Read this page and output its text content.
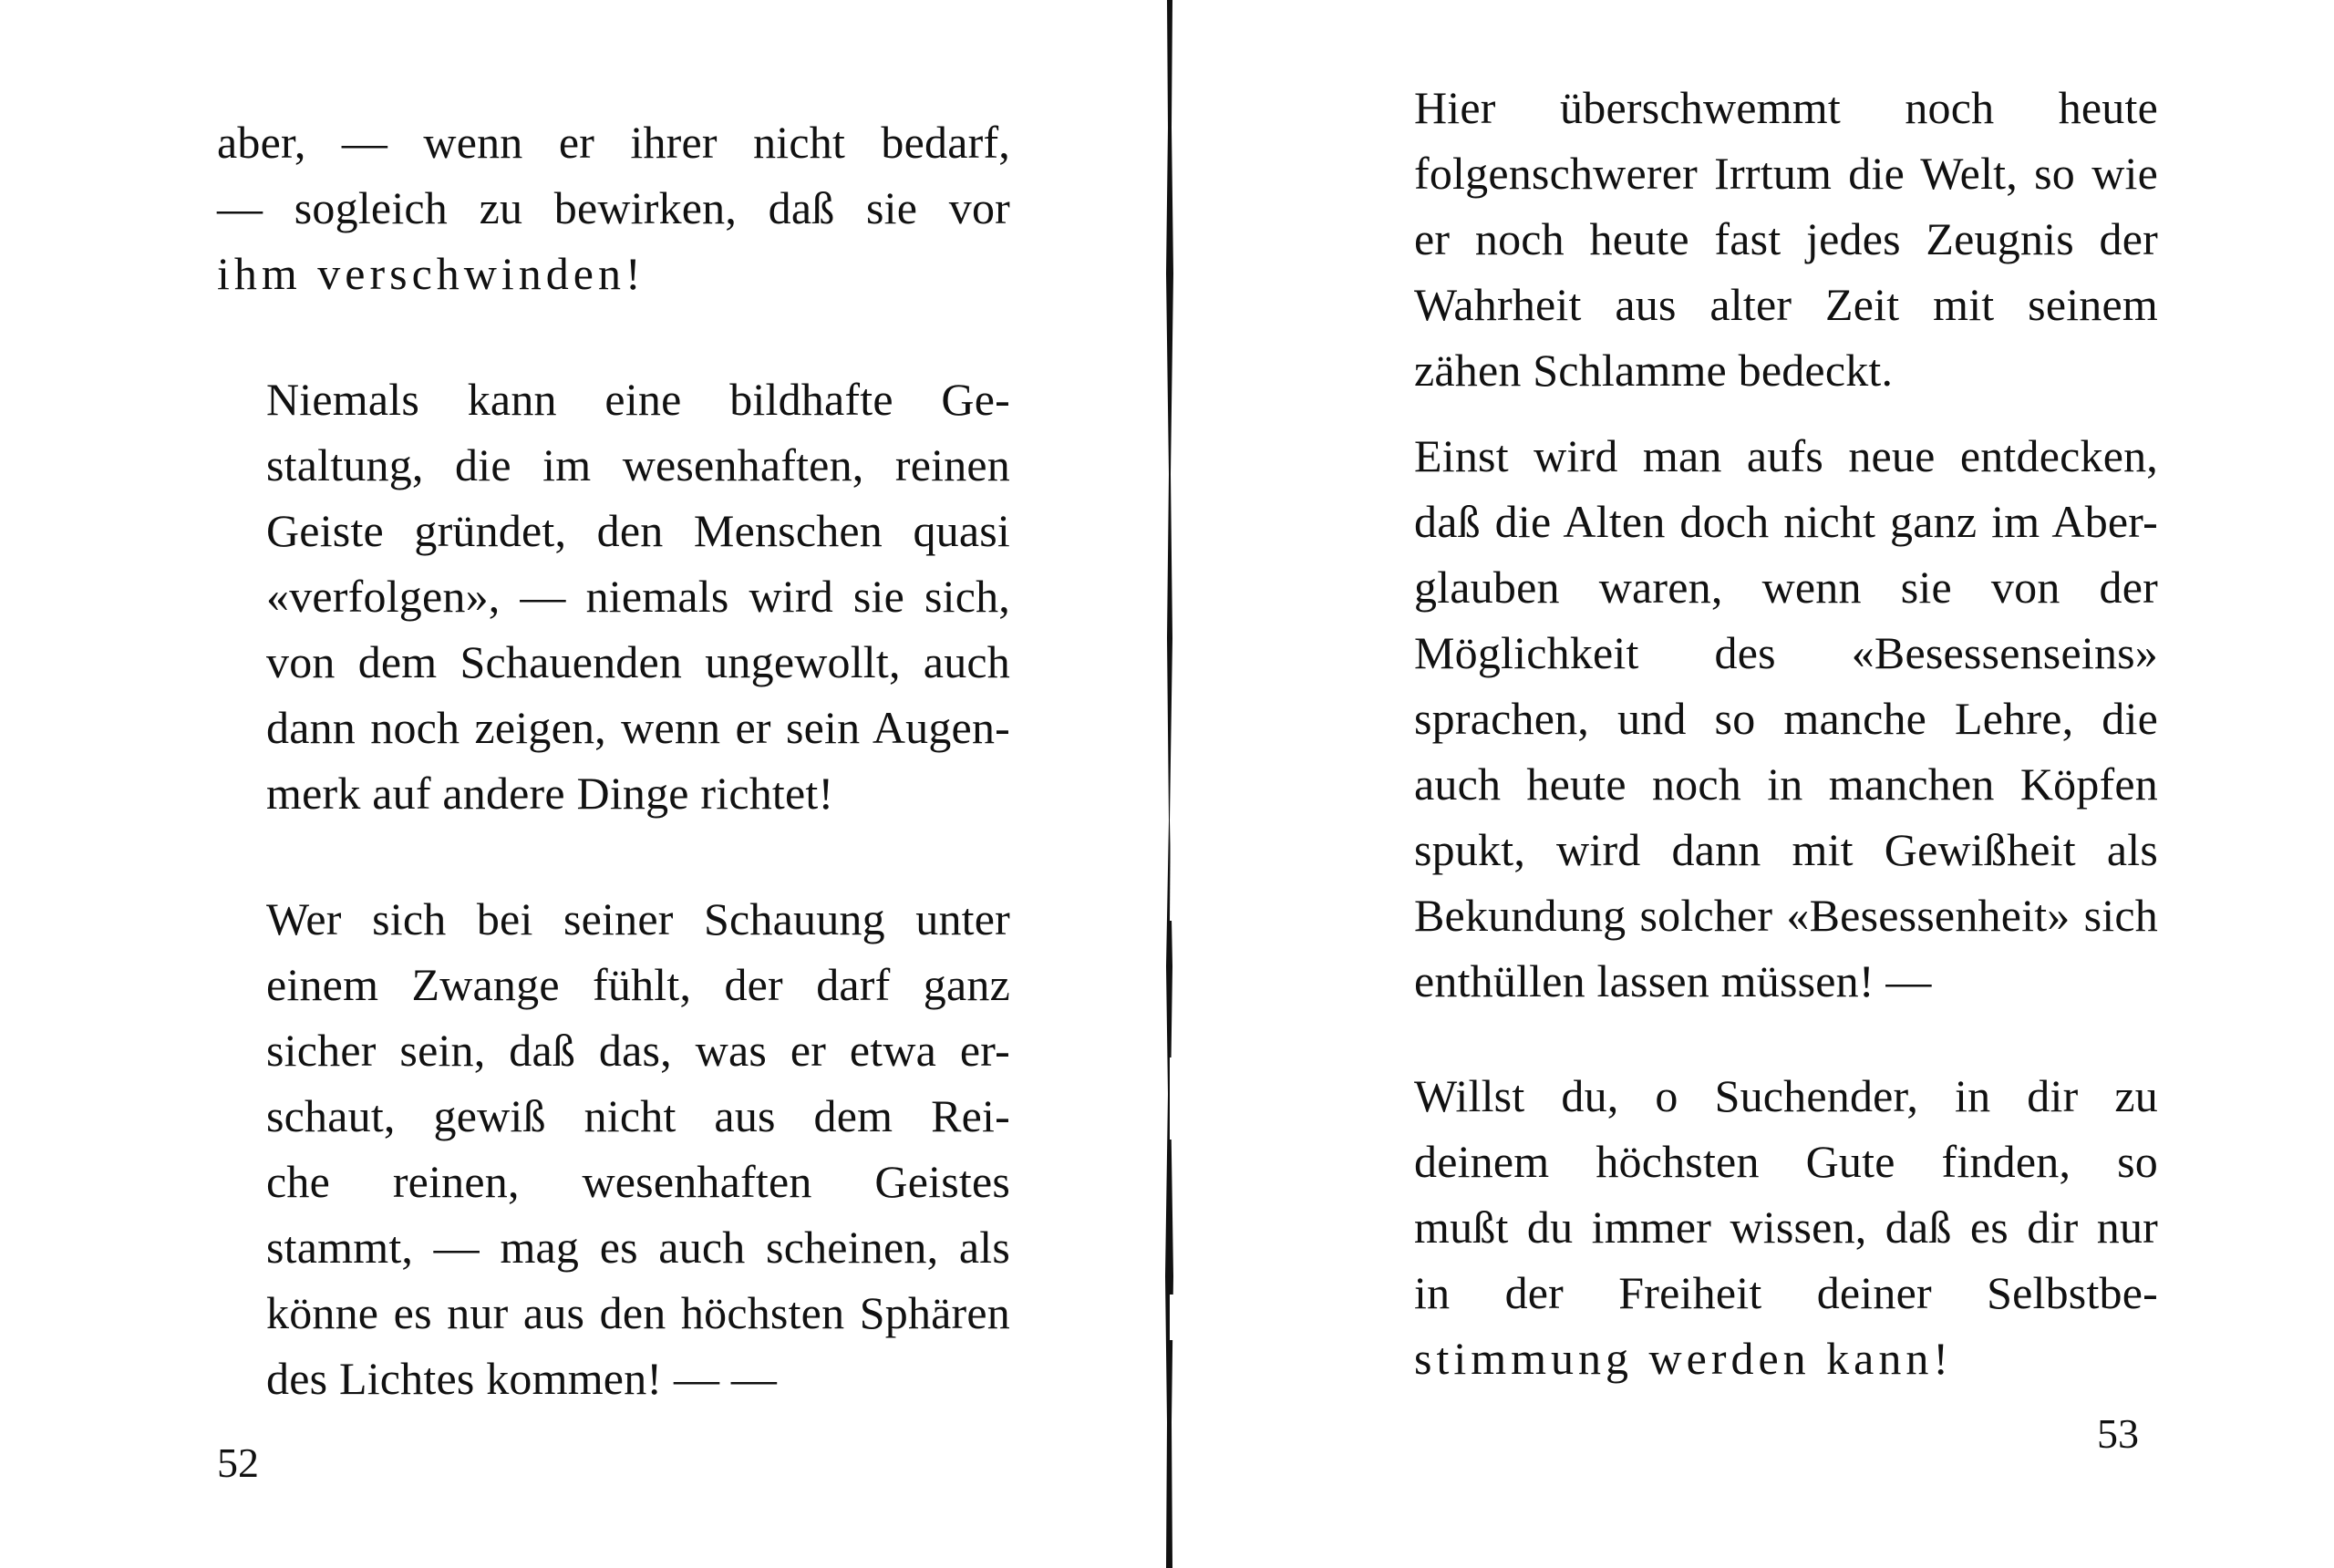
aber, — wenn er ihrer nicht bedarf,
— sogleich zu bewirken, daß sie vor
ihm verschwinden!
Niemals kann eine bildhafte Ge-
staltung, die im wesenhaften, reinen
Geiste gründet, den Menschen quasi
«verfolgen», — niemals wird sie sich,
von dem Schauenden ungewollt, auch
dann noch zeigen, wenn er sein Augen-
merk auf andere Dinge richtet!
Wer sich bei seiner Schauung unter
einem Zwange fühlt, der darf ganz
sicher sein, daß das, was er etwa er-
schaut, gewiß nicht aus dem Rei-
che reinen, wesenhaften Geistes
stammt, — mag es auch scheinen, als
könne es nur aus den höchsten Sphären
des Lichtes kommen! — —
52
Hier überschwemmt noch heute
folgenschwerer Irrtum die Welt, so wie
er noch heute fast jedes Zeugnis der
Wahrheit aus alter Zeit mit seinem
zähen Schlamme bedeckt.
Einst wird man aufs neue entdecken,
daß die Alten doch nicht ganz im Aber-
glauben waren, wenn sie von der
Möglichkeit des «Besessenseins»
sprachen, und so manche Lehre, die
auch heute noch in manchen Köpfen
spukt, wird dann mit Gewißheit als
Bekundung solcher «Besessenheit» sich
enthüllen lassen müssen! —
Willst du, o Suchender, in dir zu
deinem höchsten Gute finden, so
mußt du immer wissen, daß es dir nur
in der Freiheit deiner Selbstbe-
stimmung werden kann!
53
